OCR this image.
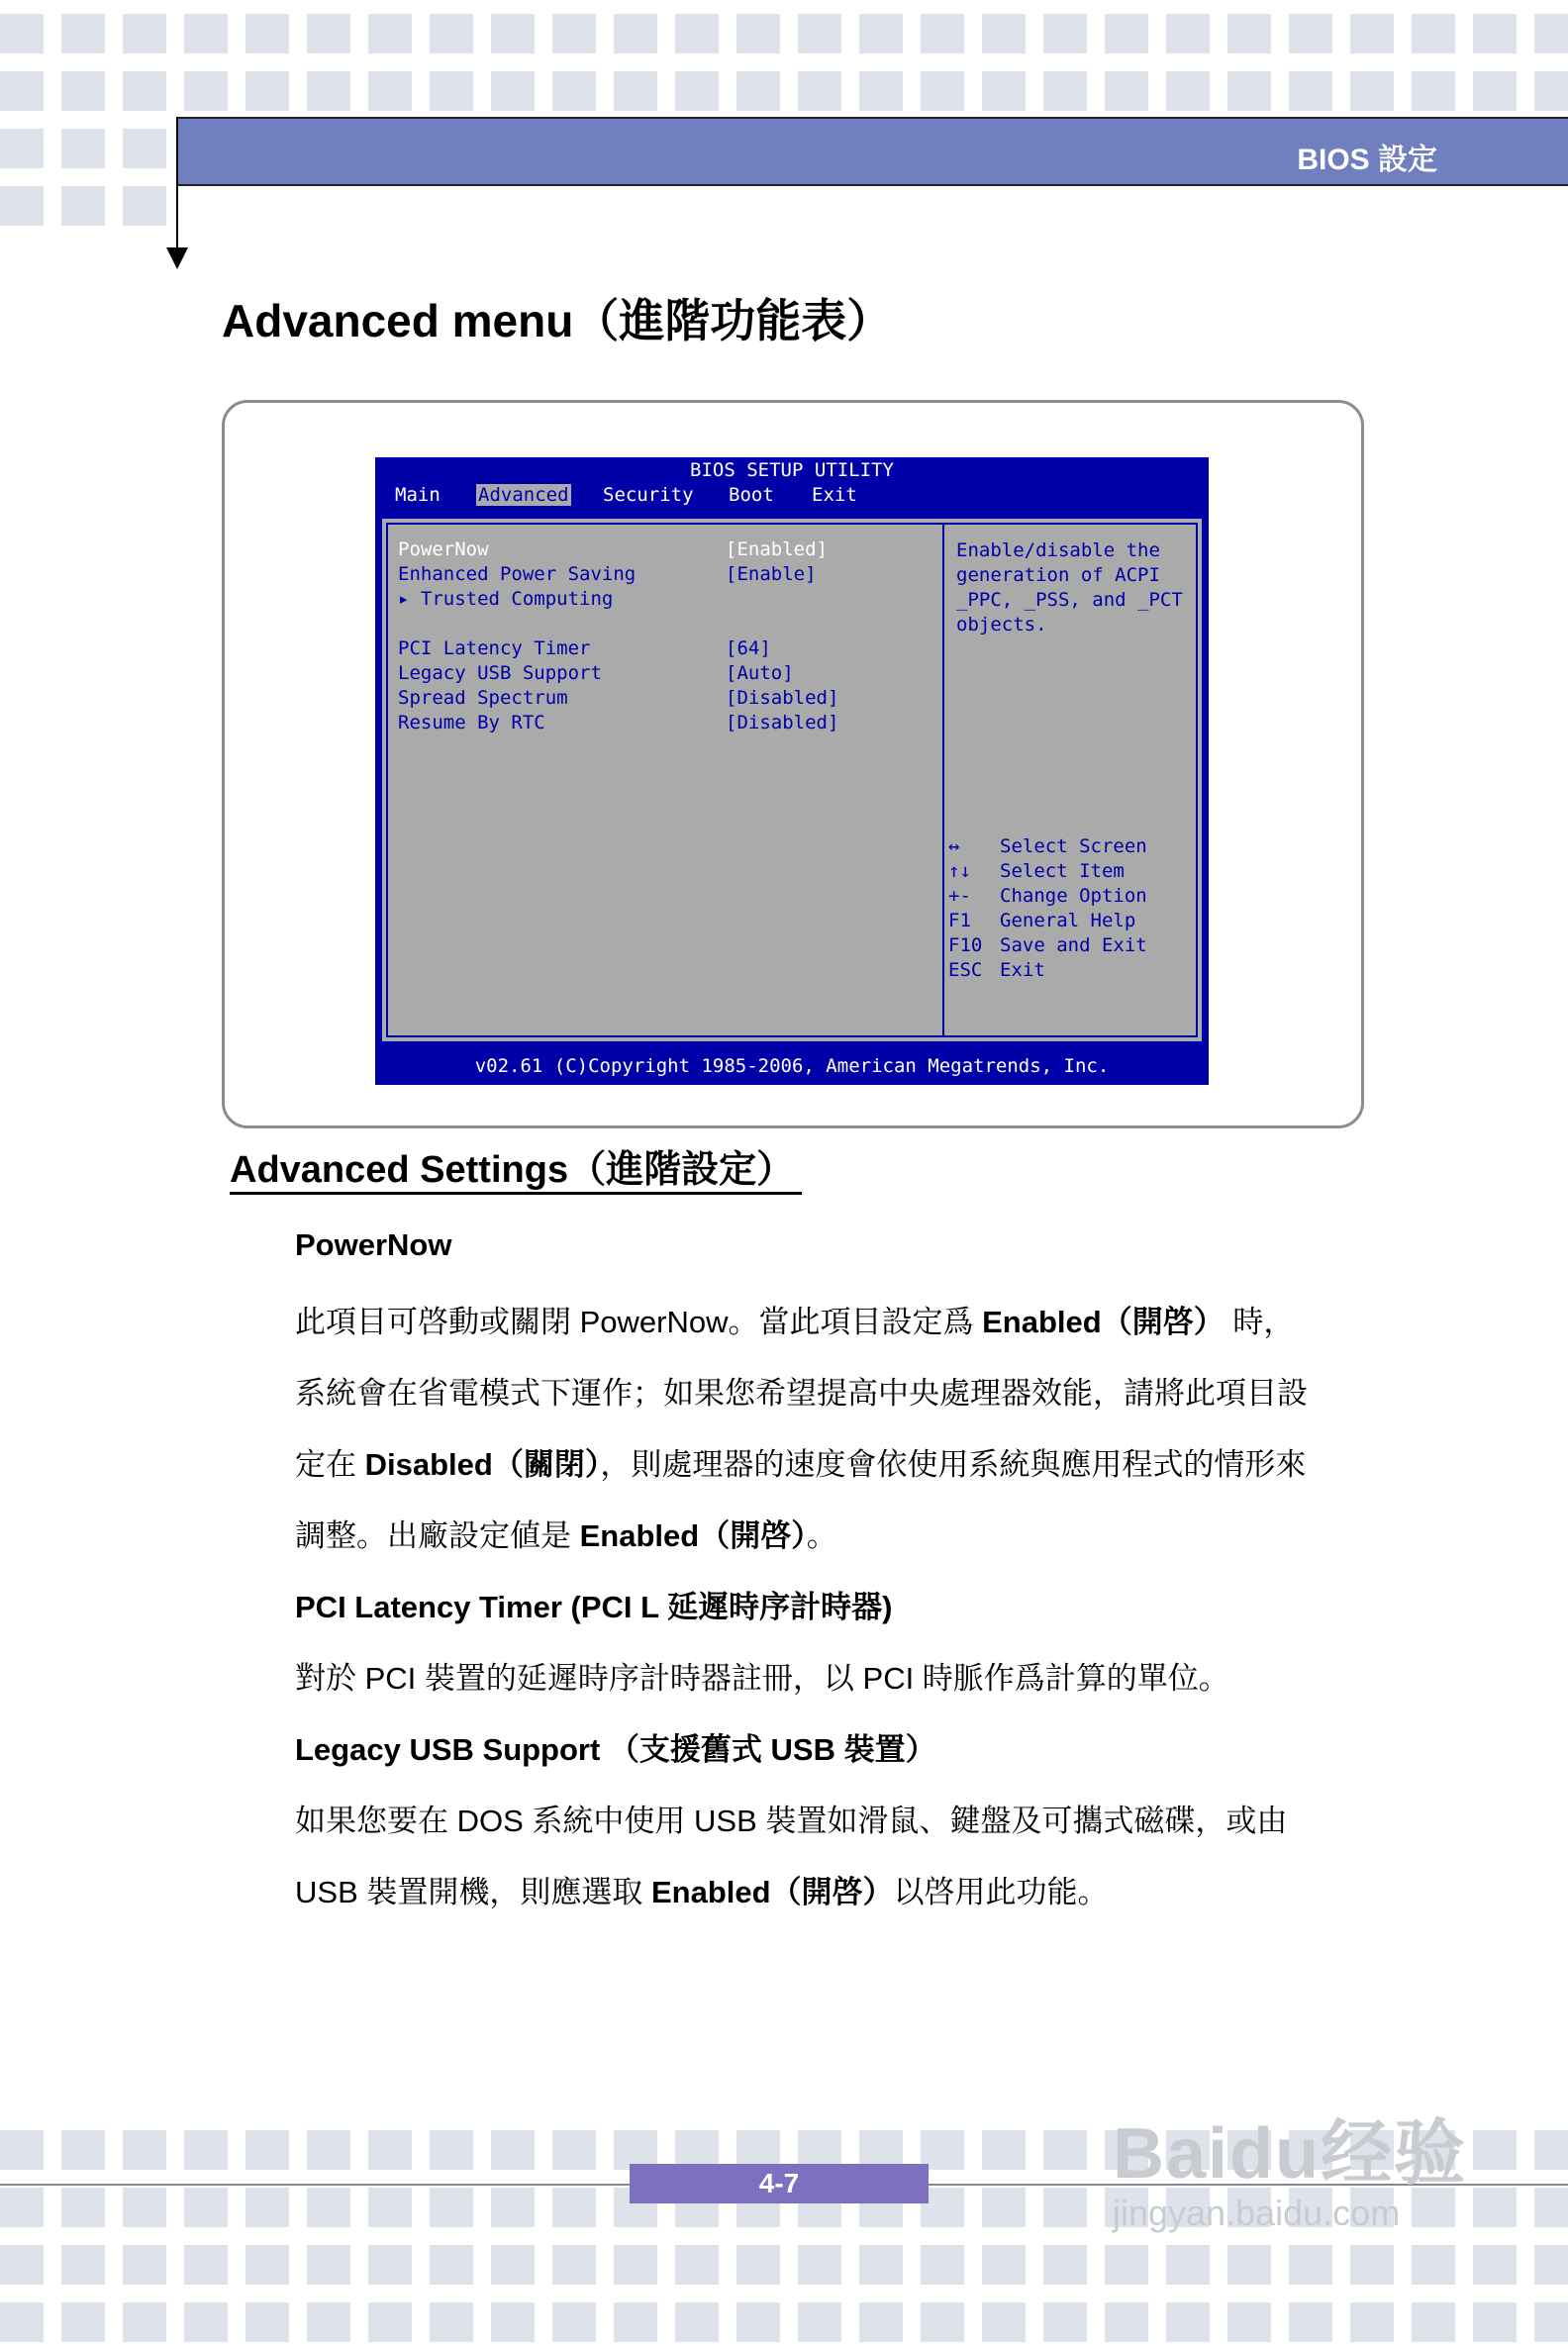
BIOS 設定
Advanced menu（進階功能表）
BIOS SETUP UTILITY
Main Advanced Security Boot Exit
PowerNow	[Enabled]
Enhanced Power Saving	[Enable]
▸ Trusted Computing
PCI Latency Timer	[64]
Legacy USB Support	[Auto]
Spread Spectrum	[Disabled]
Resume By RTC	[Disabled]
Enable/disable the
generation of ACPI
_PPC, _PSS, and _PCT
objects.
↔ Select Screen
↑↓ Select Item
+- Change Option
F1 General Help
F10 Save and Exit
ESC Exit
v02.61 (C)Copyright 1985-2006, American Megatrends, Inc.
Advanced Settings（進階設定）
PowerNow
此項目可啓動或關閉 PowerNow。當此項目設定爲 Enabled（開啓） 時，
系統會在省電模式下運作；如果您希望提高中央處理器效能，請將此項目設
定在 Disabled（關閉），則處理器的速度會依使用系統與應用程式的情形來
調整。出廠設定値是 Enabled（開啓）。
PCI Latency Timer (PCI L 延遲時序計時器)
對於 PCI 裝置的延遲時序計時器註冊，以 PCI 時脈作爲計算的單位。
Legacy USB Support （支援舊式 USB 裝置）
如果您要在 DOS 系統中使用 USB 裝置如滑鼠、鍵盤及可攜式磁碟，或由
USB 裝置開機，則應選取 Enabled（開啓）以啓用此功能。
4-7	Baidu经验
jingyan.baidu.com
